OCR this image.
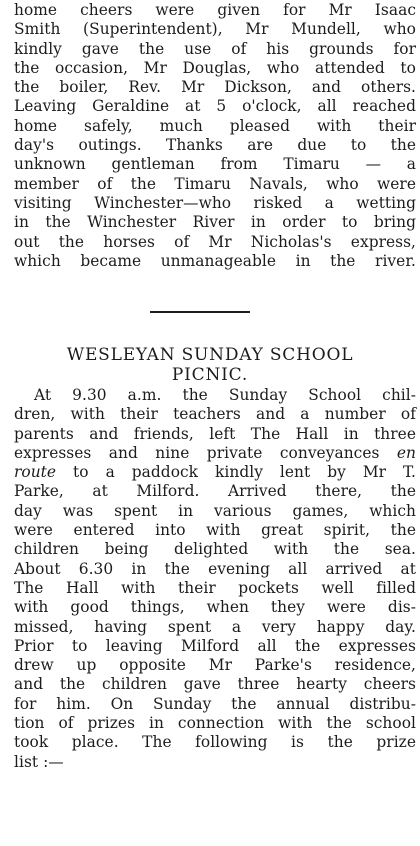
home cheers were given for Mr Isaac
Smith (Superintendent), Mr Mundell, who
kindly gave the use of his grounds for
the occasion, Mr Douglas, who attended to
the boiler, Rev. Mr Dickson, and others.
Leaving Geraldine at 5 o'clock, all reached
home safely, much pleased with their
day's outings. Thanks are due to the
unknown gentleman from Timaru — a
member of the Timaru Navals, who were
visiting Winchester—who risked a wetting
in the Winchester River in order to bring
out the horses of Mr Nicholas's express,
which became unmanageable in the river.
WESLEYAN SUNDAY SCHOOL
PICNIC.
At 9.30 a.m. the Sunday School chil-
dren, with their teachers and a number of
parents and friends, left The Hall in three
expresses and nine private conveyances en
route to a paddock kindly lent by Mr T.
Parke, at Milford. Arrived there, the
day was spent in various games, which
were entered into with great spirit, the
children being delighted with the sea.
About 6.30 in the evening all arrived at
The Hall with their pockets well filled
with good things, when they were dis-
missed, having spent a very happy day.
Prior to leaving Milford all the expresses
drew up opposite Mr Parke's residence,
and the children gave three hearty cheers
for him. On Sunday the annual distribu-
tion of prizes in connection with the school
took place. The following is the prize
list :—
